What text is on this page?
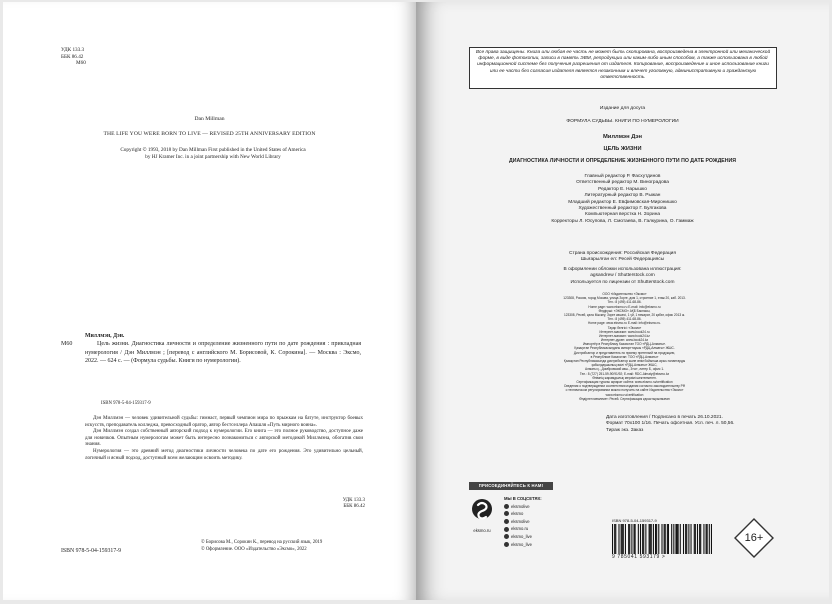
УДК 133.3
ББК 86.42
М60
Dan Millman
THE LIFE YOU WERE BORN TO LIVE — REVISED 25TH ANNIVERSARY EDITION
Copyright © 1993, 2018 by Dan Millman First published in the United States of America
by HJ Kramer Inc. in a joint partnership with New World Library
Миллмэн, Дэн.
М60	Цель жизни. Диагностика личности и определение жизненного пути по дате рождения : прикладная нумерология / Дэн Миллмэн ; [перевод с английского М. Борисовой, К. Сорокина]. — Москва : Эксмо, 2022. — 624 с. — (Формула судьбы. Книги по нумерологии).
ISBN 978-5-04-159317-9

Дэн Миллмэн — человек удивительной судьбы: гимнаст, первый чемпион мира по прыжкам на батуте, инструктор боевых искусств, преподаватель колледжа, превосходный оратор, автор бестселлера Апашля «Путь мирного воина».

Дэн Миллмэн создал собственный авторский подход к нумерологии. Его книга — это полное руководство, доступное даже для новичков. Опытным нумерологам может быть интересно познакомиться с авторской методикой Миллмэна, обогатив свои знания.

Нумерология — это древний метод диагностики личности человека по дате его рождения. Это удивительно цельный, логичный и ясный подход, доступный всем желающим освоить методику.

УДК 133.3
ББК 86.42
ISBN 978-5-04-159317-9
© Борисова М., Сорокин К., перевод на русский язык, 2019
© Оформление. ООО «Издательство «Эксмо», 2022
Все права защищены. Книга или любая ее часть не может быть скопирована, воспроизведена в электронной или механической форме, в виде фотокопии, записи в память ЭВМ, репродукции или каким-либо иным способом, а также использована в любой информационной системе без получения разрешения от издателя. Копирование, воспроизведение и иное использование книги или ее части без согласия издателя является незаконным и влечет уголовную, административную и гражданскую ответственность.
Издание для досуга
ФОРМУЛА СУДЬБЫ. КНИГИ ПО НУМЕРОЛОГИИ
Миллмэн Дэн
ЦЕЛЬ ЖИЗНИ
ДИАГНОСТИКА ЛИЧНОСТИ И ОПРЕДЕЛЕНИЕ ЖИЗНЕННОГО ПУТИ ПО ДАТЕ РОЖДЕНИЯ
Главный редактор Р. Фасхутдинов
Ответственный редактор М. Виноградова
Редактор Е. Нарышко
Литературный редактор В. Рыжан
Младший редактор Е. Евфимовская-Миронишко
Художественный редактор Г. Булгакова
Компьютерная верстка Н. Зорина
Корректоры Л. Юсупова, Л. Смотаева, В. Галкурина, О. Гаммаж
Страна происхождения: Российская Федерация
Шығарылған ел: Ресей Федерациясы
В оформлении обложки использована иллюстрация:
agsandrew / Shutterstock.com
Используется по лицензии от Shutterstock.com
ООО «Издательство «Эксмо»
123308, Россия, город Москва, улица Зорге, дом 1, строение 1, этаж 20, каб. 2013.
Тел.: 8 (495) 411-68-86.
Home page: www.eksmo.ru E-mail: info@eksmo.ru
Өндіруші: «ЭКСМО» АҚБ Баспасы,
123308, Ресей, қала Мәскеу, Зорге көшесі, 1 үй, 1 ғимарат, 20 қабат, офис 2013 ж.
Тел.: 8 (495) 411-68-86.
Home page: www.eksmo.ru E-mail: info@eksmo.ru.
Тауар белгісі: «Эксмо»
Интернет-магазин: www.book24.ru
Интернет-магазин: www.book24.kz
Интернет-дүкен: www.book24.kz
Импортёр в Республику Казахстан ТОО «РДЦ-Алматы».
Қазақстан Республикасындағы импорттаушы «РДЦ-Алматы» ЖШС.
Дистрибьютор и представитель по приему претензий на продукцию,
в Республике Казахстан: ТОО «РДЦ-Алматы»
Қазақстан Республикасында дистрибьютор және өнім бойынша арыз-талаптарды
қабылдаушының өкілі «РДЦ-Алматы» ЖШС,
Алматы қ., Домбровский көш., 3«а», литер Б, офис 1.
Тел.: 8 (727) 251-59-90/91/92; E-mail: RDC-Almaty@eksmo.kz
Өнімнің жарамдылық мерзімі шектелмеген.
Сертификация туралы ақпарат сайтта: www.eksmo.ru/certification
Сведения о подтверждении соответствия издания согласно законодательству РФ
о техническом регулировании можно получить на сайте Издательства «Эксмо»
www.eksmo.ru/certification
Өндірген мемлекет: Ресей. Сертификация қарастырылмаған
Дата изготовления / Подписано в печать 26.10.2021.
Формат 70x100 1/16. Печать офсетная. Усл. печ. л. 50,56.
Тираж экз. Заказ
ПРИСОЕДИНЯЙТЕСЬ К НАМ!
eksmo.ru
МЫ В СОЦСЕТЯХ:
eksmolive
eksmo
eksmolive
eksmo.ru
eksmo_live
eksmo_live
ISBN 978-5-04-159317-9
9 785041 593179 >
16+
